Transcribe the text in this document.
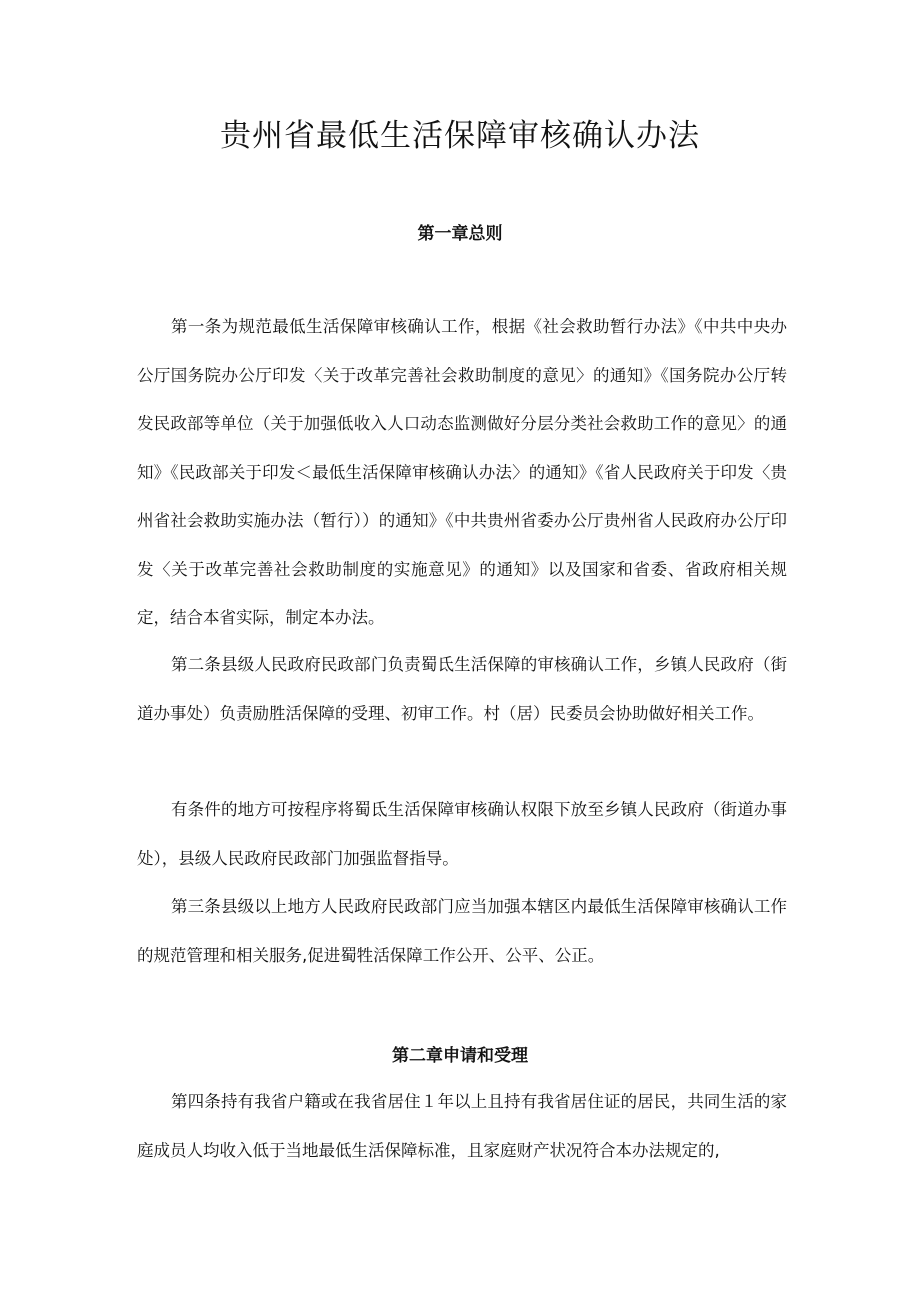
贵州省最低生活保障审核确认办法
第一章总则

第一条为规范最低生活保障审核确认工作，根据《社会救助暂行办法》《中共中央办公厅国务院办公厅印发〈关于改革完善社会救助制度的意见〉的通知》《国务院办公厅转发民政部等单位（关于加强低收入人口动态监测做好分层分类社会救助工作的意见〉的通知》《民政部关于印发＜最低生活保障审核确认办法〉的通知》《省人民政府关于印发〈贵州省社会救助实施办法（暂行））的通知》《中共贵州省委办公厅贵州省人民政府办公厅印发〈关于改革完善社会救助制度的实施意见》的通知》以及国家和省委、省政府相关规定，结合本省实际，制定本办法。

第二条县级人民政府民政部门负责蜀氐生活保障的审核确认工作，乡镇人民政府（街道办事处）负责励胜活保障的受理、初审工作。村（居）民委员会协助做好相关工作。

有条件的地方可按程序将蜀氐生活保障审核确认权限下放至乡镇人民政府（街道办事处），县级人民政府民政部门加强监督指导。

第三条县级以上地方人民政府民政部门应当加强本辖区内最低生活保障审核确认工作的规范管理和相关服务,促进蜀牲活保障工作公开、公平、公正。

第二章申请和受理

第四条持有我省户籍或在我省居住１年以上且持有我省居住证的居民，共同生活的家庭成员人均收入低于当地最低生活保障标准，且家庭财产状况符合本办法规定的,
